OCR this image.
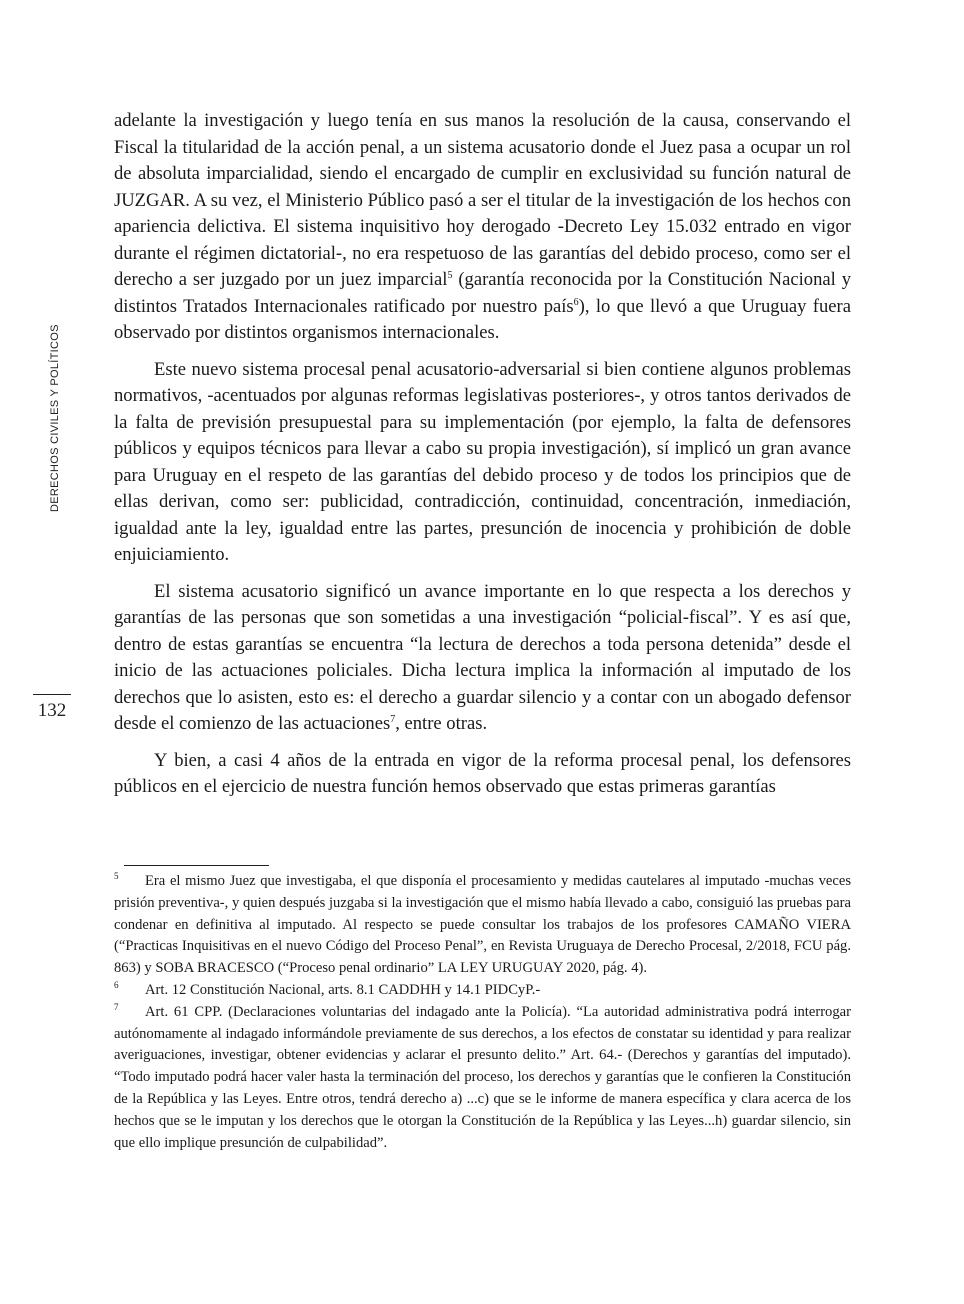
DERECHOS CIVILES Y POLÍTICOS
132

adelante la investigación y luego tenía en sus manos la resolución de la causa, conservando el Fiscal la titularidad de la acción penal, a un sistema acusatorio donde el Juez pasa a ocupar un rol de absoluta imparcialidad, siendo el encargado de cumplir en exclusividad su función natural de JUZGAR. A su vez, el Ministerio Público pasó a ser el titular de la investigación de los hechos con apariencia delictiva. El sistema inquisitivo hoy derogado -Decreto Ley 15.032 entrado en vigor durante el régimen dictatorial-, no era respetuoso de las garantías del debido proceso, como ser el derecho a ser juzgado por un juez imparcial$^5$ (garantía reconocida por la Constitución Nacional y distintos Tratados Internacionales ratificado por nuestro país$^6$), lo que llevó a que Uruguay fuera observado por distintos organismos internacionales.

Este nuevo sistema procesal penal acusatorio-adversarial si bien contiene algunos problemas normativos, -acentuados por algunas reformas legislativas posteriores-, y otros tantos derivados de la falta de previsión presupuestal para su implementación (por ejemplo, la falta de defensores públicos y equipos técnicos para llevar a cabo su propia investigación), sí implicó un gran avance para Uruguay en el respeto de las garantías del debido proceso y de todos los principios que de ellas derivan, como ser: publicidad, contradicción, continuidad, concentración, inmediación, igualdad ante la ley, igualdad entre las partes, presunción de inocencia y prohibición de doble enjuiciamiento.

El sistema acusatorio significó un avance importante en lo que respecta a los derechos y garantías de las personas que son sometidas a una investigación “policial-fiscal”. Y es así que, dentro de estas garantías se encuentra “la lectura de derechos a toda persona detenida” desde el inicio de las actuaciones policiales. Dicha lectura implica la información al imputado de los derechos que lo asisten, esto es: el derecho a guardar silencio y a contar con un abogado defensor desde el comienzo de las actuaciones$^7$, entre otras.

Y bien, a casi 4 años de la entrada en vigor de la reforma procesal penal, los defensores públicos en el ejercicio de nuestra función hemos observado que estas primeras garantías

5 Era el mismo Juez que investigaba, el que disponía el procesamiento y medidas cautelares al imputado -muchas veces prisión preventiva-, y quien después juzgaba si la investigación que el mismo había llevado a cabo, consiguió las pruebas para condenar en definitiva al imputado. Al respecto se puede consultar los trabajos de los profesores CAMAÑO VIERA (“Practicas Inquisitivas en el nuevo Código del Proceso Penal”, en Revista Uruguaya de Derecho Procesal, 2/2018, FCU pág. 863) y SOBA BRACESCO (“Proceso penal ordinario” LA LEY URUGUAY 2020, pág. 4).

6 Art. 12 Constitución Nacional, arts. 8.1 CADDHH y 14.1 PIDCyP.-

7 Art. 61 CPP. (Declaraciones voluntarias del indagado ante la Policía). “La autoridad administrativa podrá interrogar autónomamente al indagado informándole previamente de sus derechos, a los efectos de constatar su identidad y para realizar averiguaciones, investigar, obtener evidencias y aclarar el presunto delito.” Art. 64.- (Derechos y garantías del imputado). “Todo imputado podrá hacer valer hasta la terminación del proceso, los derechos y garantías que le confieren la Constitución de la República y las Leyes. Entre otros, tendrá derecho a) ...c) que se le informe de manera específica y clara acerca de los hechos que se le imputan y los derechos que le otorgan la Constitución de la República y las Leyes...h) guardar silencio, sin que ello implique presunción de culpabilidad”.
